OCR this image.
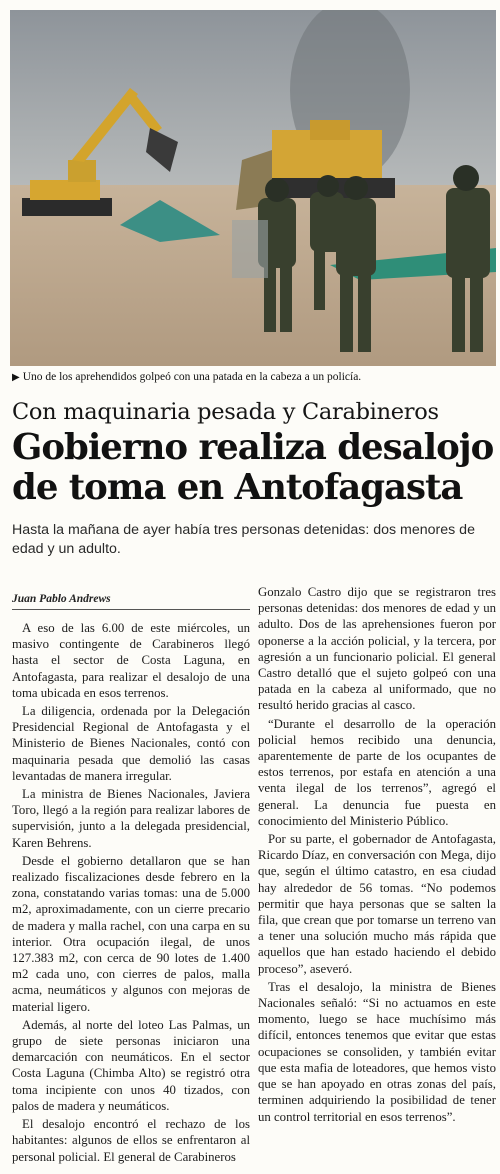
▶ Uno de los aprehendidos golpeó con una patada en la cabeza a un policía.
Con maquinaria pesada y Carabineros
Gobierno realiza desalojo
de toma en Antofagasta
Hasta la mañana de ayer había tres personas detenidas: dos menores de edad y un adulto.
Juan Pablo Andrews

A eso de las 6.00 de este miércoles, un masivo contingente de Carabineros llegó hasta el sector de Costa Laguna, en Antofagasta, para realizar el desalojo de una toma ubicada en esos terrenos.

La diligencia, ordenada por la Delegación Presidencial Regional de Antofagasta y el Ministerio de Bienes Nacionales, contó con maquinaria pesada que demolió las casas levantadas de manera irregular.

La ministra de Bienes Nacionales, Javiera Toro, llegó a la región para realizar labores de supervisión, junto a la delegada presidencial, Karen Behrens.

Desde el gobierno detallaron que se han realizado fiscalizaciones desde febrero en la zona, constatando varias tomas: una de 5.000 m2, aproximadamente, con un cierre precario de madera y malla rachel, con una carpa en su interior. Otra ocupación ilegal, de unos 127.383 m2, con cerca de 90 lotes de 1.400 m2 cada uno, con cierres de palos, malla acma, neumáticos y algunos con mejoras de material ligero.

Además, al norte del loteo Las Palmas, un grupo de siete personas iniciaron una demarcación con neumáticos. En el sector Costa Laguna (Chimba Alto) se registró otra toma incipiente con unos 40 tizados, con palos de madera y neumáticos.

El desalojo encontró el rechazo de los habitantes: algunos de ellos se enfrentaron al personal policial. El general de Carabineros

Gonzalo Castro dijo que se registraron tres personas detenidas: dos menores de edad y un adulto. Dos de las aprehensiones fueron por oponerse a la acción policial, y la tercera, por agresión a un funcionario policial. El general Castro detalló que el sujeto golpeó con una patada en la cabeza al uniformado, que no resultó herido gracias al casco.

“Durante el desarrollo de la operación policial hemos recibido una denuncia, aparentemente de parte de los ocupantes de estos terrenos, por estafa en atención a una venta ilegal de los terrenos”, agregó el general. La denuncia fue puesta en conocimiento del Ministerio Público.

Por su parte, el gobernador de Antofagasta, Ricardo Díaz, en conversación con Mega, dijo que, según el último catastro, en esa ciudad hay alrededor de 56 tomas. “No podemos permitir que haya personas que se salten la fila, que crean que por tomarse un terreno van a tener una solución mucho más rápida que aquellos que han estado haciendo el debido proceso”, aseveró.

Tras el desalojo, la ministra de Bienes Nacionales señaló: “Si no actuamos en este momento, luego se hace muchísimo más difícil, entonces tenemos que evitar que estas ocupaciones se consoliden, y también evitar que esta mafia de loteadores, que hemos visto que se han apoyado en otras zonas del país, terminen adquiriendo la posibilidad de tener un control territorial en esos terrenos”.
